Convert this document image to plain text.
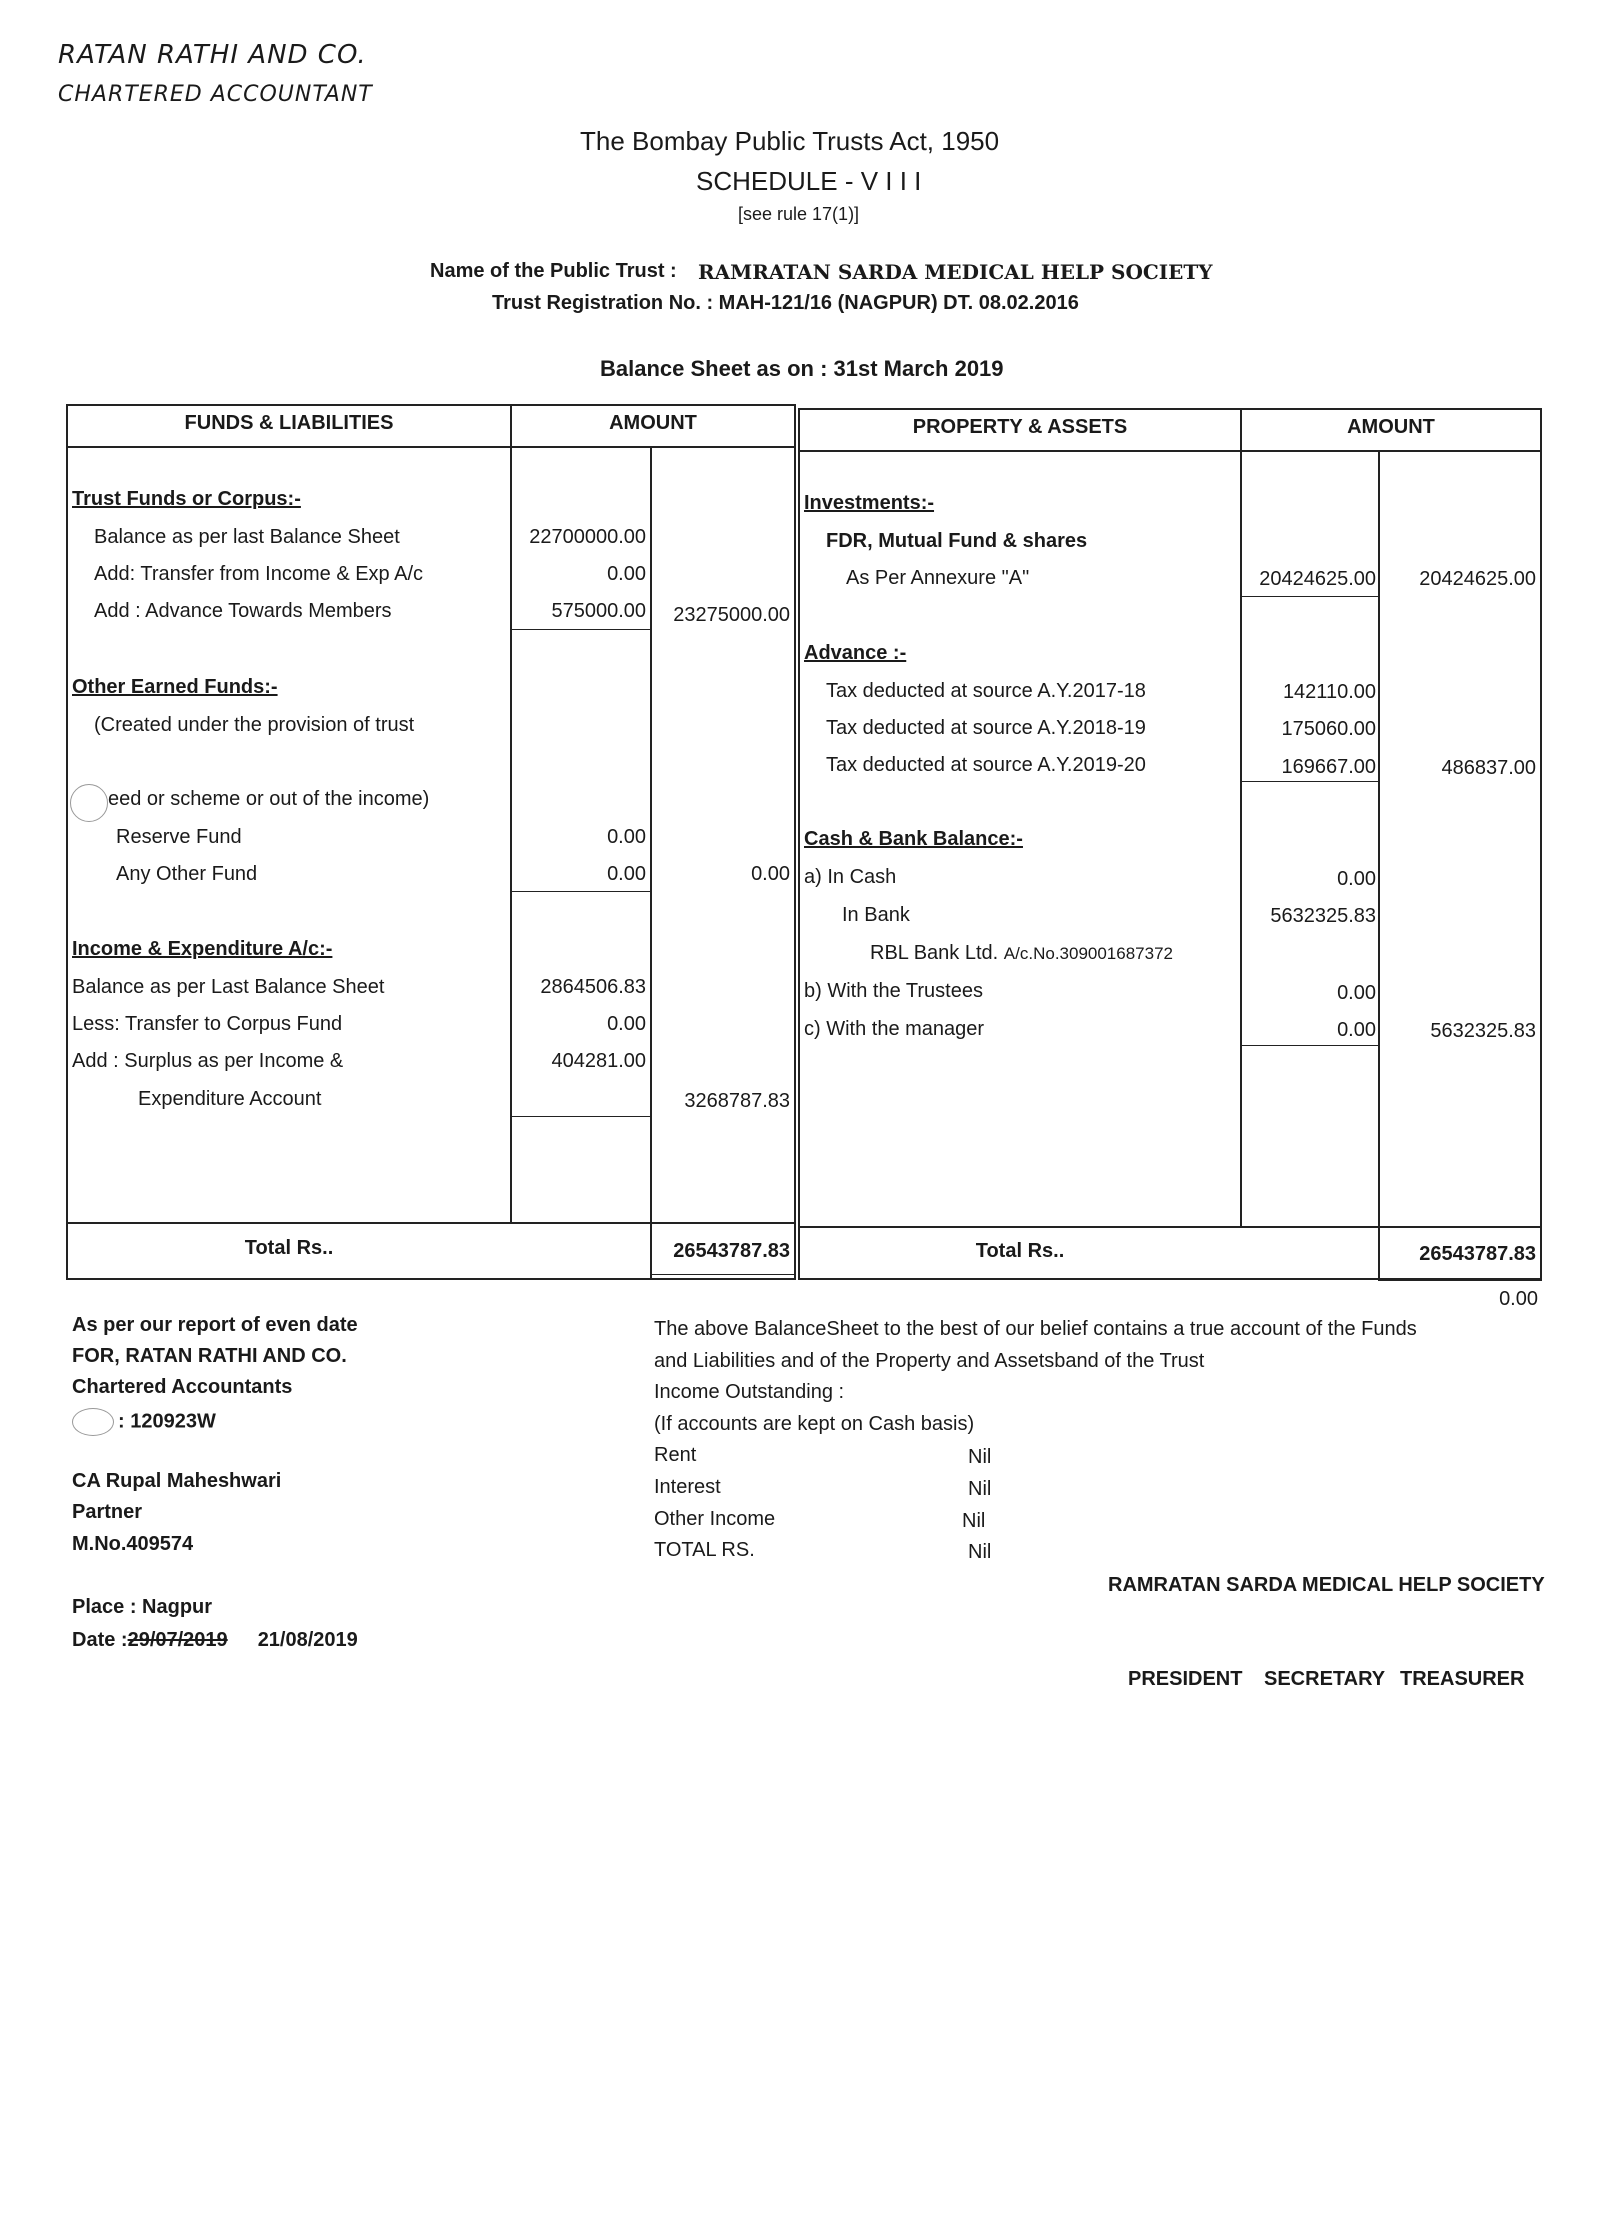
RATAN RATHI AND CO.
CHARTERED ACCOUNTANT
The Bombay Public Trusts Act, 1950
SCHEDULE - V I I I
[see rule 17(1)]
Name of the Public Trust : RAMRATAN SARDA MEDICAL HELP SOCIETY
Trust Registration No. : MAH-121/16 (NAGPUR) DT. 08.02.2016
Balance Sheet as on : 31st March 2019
FUNDS & LIABILITIES	AMOUNT
Trust Funds or Corpus:-
Balance as per last Balance Sheet	22700000.00
Add: Transfer from Income & Exp A/c	0.00
Add : Advance Towards Members	575000.00	23275000.00
Other Earned Funds:-
(Created under the provision of trust
eed or scheme or out of the income)
Reserve Fund	0.00
Any Other Fund	0.00	0.00
Income & Expenditure A/c:-
Balance as per Last Balance Sheet	2864506.83
Less: Transfer to Corpus Fund	0.00
Add : Surplus as per Income &	404281.00
Expenditure Account	3268787.83
Total Rs..	26543787.83
PROPERTY & ASSETS	AMOUNT
Investments:-
FDR, Mutual Fund & shares
As Per Annexure "A"	20424625.00	20424625.00
Advance :-
Tax deducted at source A.Y.2017-18	142110.00
Tax deducted at source A.Y.2018-19	175060.00
Tax deducted at source A.Y.2019-20	169667.00	486837.00
Cash & Bank Balance:-
a) In Cash	0.00
In Bank	5632325.83
RBL Bank Ltd. A/c.No.309001687372
b) With the Trustees	0.00
c) With the manager	0.00	5632325.83
Total Rs..	26543787.83
0.00
As per our report of even date
FOR, RATAN RATHI AND CO.
Chartered Accountants
: 120923W
CA Rupal Maheshwari
Partner
M.No.409574
Place : Nagpur
Date :29/07/2019 21/08/2019
The above BalanceSheet to the best of our belief contains a true account of the Funds
and Liabilities and of the Property and Assetsband of the Trust
Income Outstanding :
(If accounts are kept on Cash basis)
Rent	Nil
Interest	Nil
Other Income	Nil
TOTAL RS.	Nil
RAMRATAN SARDA MEDICAL HELP SOCIETY
PRESIDENT SECRETARY TREASURER
